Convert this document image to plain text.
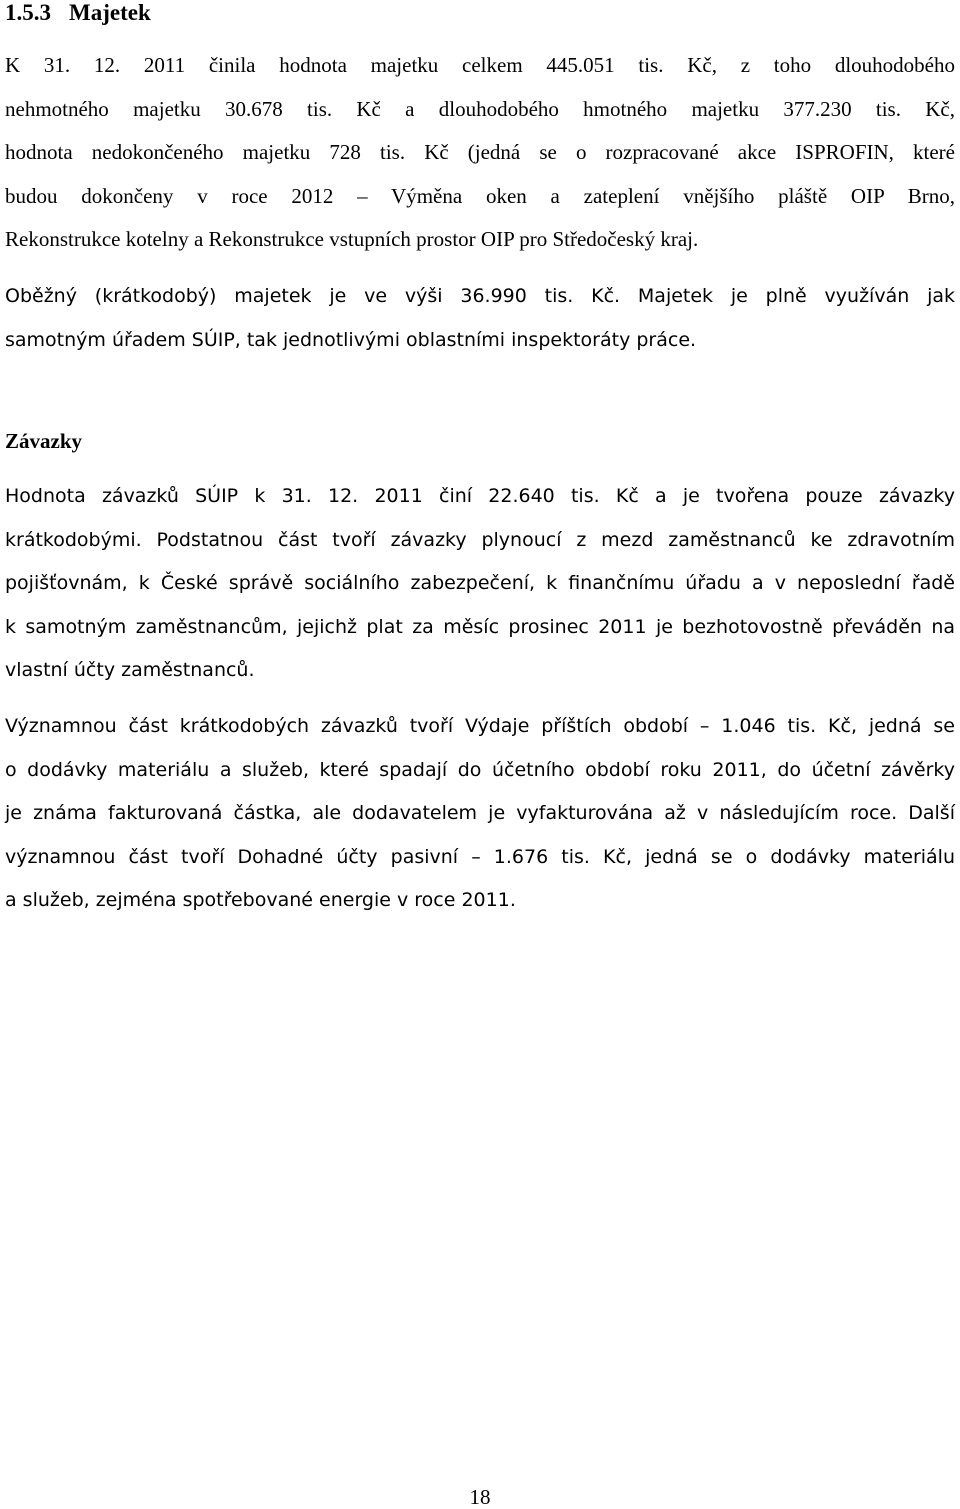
1.5.3 Majetek
K 31. 12. 2011 činila hodnota majetku celkem 445.051 tis. Kč, z toho dlouhodobého
nehmotného majetku 30.678 tis. Kč a dlouhodobého hmotného majetku 377.230 tis. Kč,
hodnota nedokončeného majetku 728 tis. Kč (jedná se o rozpracované akce ISPROFIN, které
budou dokončeny v roce 2012 – Výměna oken a zateplení vnějšího pláště OIP Brno,
Rekonstrukce kotelny a Rekonstrukce vstupních prostor OIP pro Středočeský kraj.
Oběžný (krátkodobý) majetek je ve výši 36.990 tis. Kč. Majetek je plně využíván jak
samotným úřadem SÚIP, tak jednotlivými oblastními inspektoráty práce.
Závazky
Hodnota závazků SÚIP k 31. 12. 2011 činí 22.640 tis. Kč a je tvořena pouze závazky
krátkodobými. Podstatnou část tvoří závazky plynoucí z mezd zaměstnanců ke zdravotním
pojišťovnám, k České správě sociálního zabezpečení, k finančnímu úřadu a v neposlední řadě
k samotným zaměstnancům, jejichž plat za měsíc prosinec 2011 je bezhotovostně převáděn na
vlastní účty zaměstnanců.
Významnou část krátkodobých závazků tvoří Výdaje příštích období – 1.046 tis. Kč, jedná se
o dodávky materiálu a služeb, které spadají do účetního období roku 2011, do účetní závěrky
je známa fakturovaná částka, ale dodavatelem je vyfakturována až v následujícím roce. Další
významnou část tvoří Dohadné účty pasivní – 1.676 tis. Kč, jedná se o dodávky materiálu
a služeb, zejména spotřebované energie v roce 2011.
18
